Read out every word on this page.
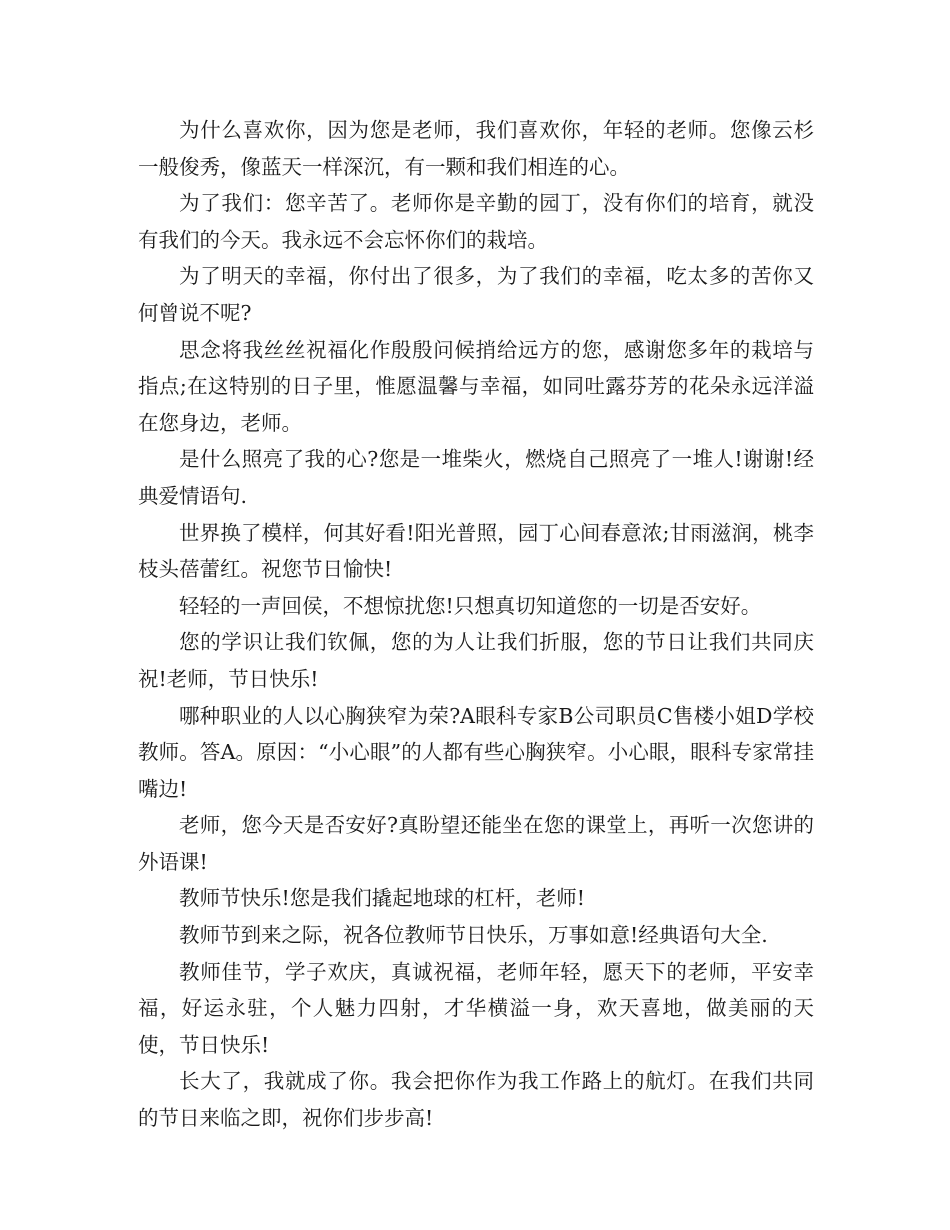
为什么喜欢你，因为您是老师，我们喜欢你，年轻的老师。您像云杉一般俊秀，像蓝天一样深沉，有一颗和我们相连的心。

为了我们：您辛苦了。老师你是辛勤的园丁，没有你们的培育，就没有我们的今天。我永远不会忘怀你们的栽培。

为了明天的幸福，你付出了很多，为了我们的幸福，吃太多的苦你又何曾说不呢?

思念将我丝丝祝福化作殷殷问候捎给远方的您，感谢您多年的栽培与指点;在这特别的日子里，惟愿温馨与幸福，如同吐露芬芳的花朵永远洋溢在您身边，老师。

是什么照亮了我的心?您是一堆柴火，燃烧自己照亮了一堆人!谢谢!经典爱情语句.

世界换了模样，何其好看!阳光普照，园丁心间春意浓;甘雨滋润，桃李枝头蓓蕾红。祝您节日愉快!

轻轻的一声回侯，不想惊扰您!只想真切知道您的一切是否安好。

您的学识让我们钦佩，您的为人让我们折服，您的节日让我们共同庆祝!老师，节日快乐!

哪种职业的人以心胸狭窄为荣?A眼科专家B公司职员C售楼小姐D学校教师。答A。原因：“小心眼”的人都有些心胸狭窄。小心眼，眼科专家常挂嘴边!

老师，您今天是否安好?真盼望还能坐在您的课堂上，再听一次您讲的外语课!

教师节快乐!您是我们撬起地球的杠杆，老师!

教师节到来之际，祝各位教师节日快乐，万事如意!经典语句大全.

教师佳节，学子欢庆，真诚祝福，老师年轻，愿天下的老师，平安幸福，好运永驻，个人魅力四射，才华横溢一身，欢天喜地，做美丽的天使，节日快乐!

长大了，我就成了你。我会把你作为我工作路上的航灯。在我们共同的节日来临之即，祝你们步步高!
